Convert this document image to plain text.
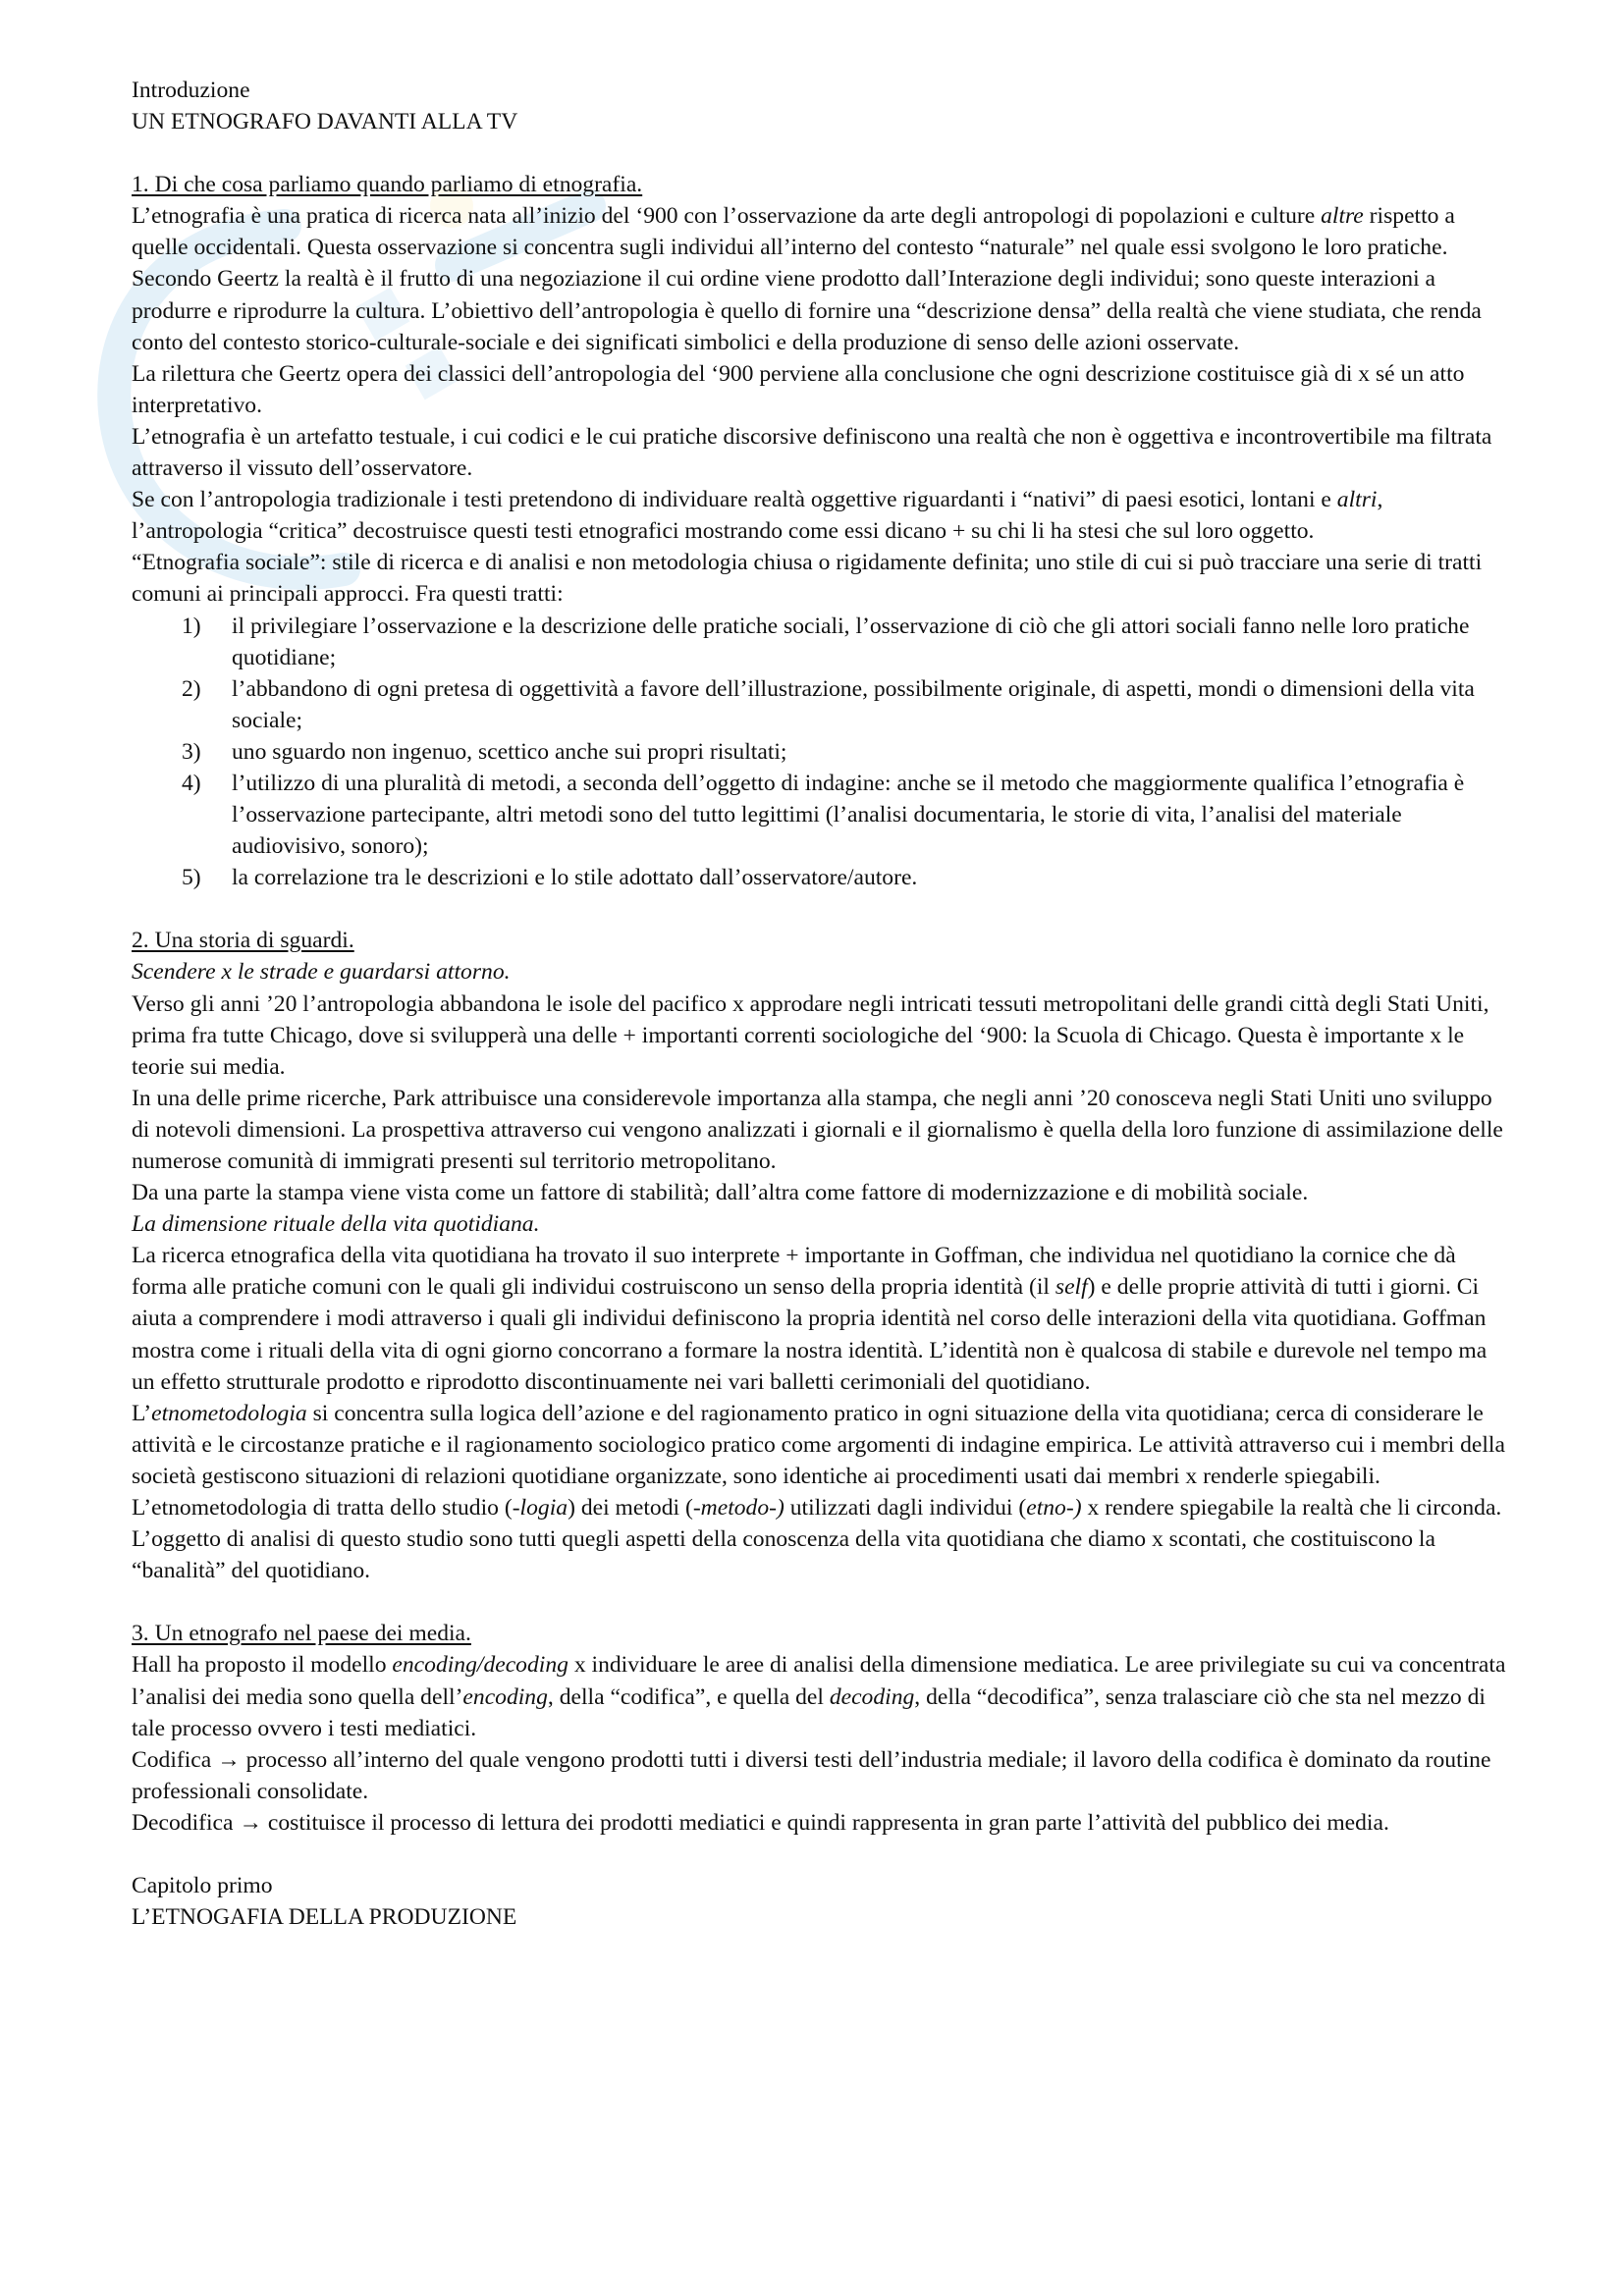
Introduzione

UN ETNOGRAFO DAVANTI ALLA TV

1. Di che cosa parliamo quando parliamo di etnografia.

L’etnografia è una pratica di ricerca nata all’inizio del ‘900 con l’osservazione da arte degli antropologi di popolazioni e culture altre rispetto a quelle occidentali. Questa osservazione si concentra sugli individui all’interno del contesto “naturale” nel quale essi svolgono le loro pratiche.

Secondo Geertz la realtà è il frutto di una negoziazione il cui ordine viene prodotto dall’Interazione degli individui; sono queste interazioni a produrre e riprodurre la cultura. L’obiettivo dell’antropologia è quello di fornire una “descrizione densa” della realtà che viene studiata, che renda conto del contesto storico-culturale-sociale e dei significati simbolici e della produzione di senso delle azioni osservate.

La rilettura che Geertz opera dei classici dell’antropologia del ‘900 perviene alla conclusione che ogni descrizione costituisce già di x sé un atto interpretativo.

L’etnografia è un artefatto testuale, i cui codici e le cui pratiche discorsive definiscono una realtà che non è oggettiva e incontrovertibile ma filtrata attraverso il vissuto dell’osservatore.

Se con l’antropologia tradizionale i testi pretendono di individuare realtà oggettive riguardanti i “nativi” di paesi esotici, lontani e altri, l’antropologia “critica” decostruisce questi testi etnografici mostrando come essi dicano + su chi li ha stesi che sul loro oggetto.

“Etnografia sociale”: stile di ricerca e di analisi e non metodologia chiusa o rigidamente definita; uno stile di cui si può tracciare una serie di tratti comuni ai principali approcci. Fra questi tratti:

1) il privilegiare l’osservazione e la descrizione delle pratiche sociali, l’osservazione di ciò che gli attori sociali fanno nelle loro pratiche quotidiane;
2) l’abbandono di ogni pretesa di oggettività a favore dell’illustrazione, possibilmente originale, di aspetti, mondi o dimensioni della vita sociale;
3) uno sguardo non ingenuo, scettico anche sui propri risultati;
4) l’utilizzo di una pluralità di metodi, a seconda dell’oggetto di indagine: anche se il metodo che maggiormente qualifica l’etnografia è l’osservazione partecipante, altri metodi sono del tutto legittimi (l’analisi documentaria, le storie di vita, l’analisi del materiale audiovisivo, sonoro);
5) la correlazione tra le descrizioni e lo stile adottato dall’osservatore/autore.

2. Una storia di sguardi.

Scendere x le strade e guardarsi attorno.

Verso gli anni ’20 l’antropologia abbandona le isole del pacifico x approdare negli intricati tessuti metropolitani delle grandi città degli Stati Uniti, prima fra tutte Chicago, dove si svilupperà una delle + importanti correnti sociologiche del ‘900: la Scuola di Chicago. Questa è importante x le teorie sui media.

In una delle prime ricerche, Park attribuisce una considerevole importanza alla stampa, che negli anni ’20 conosceva negli Stati Uniti uno sviluppo di notevoli dimensioni. La prospettiva attraverso cui vengono analizzati i giornali e il giornalismo è quella della loro funzione di assimilazione delle numerose comunità di immigrati presenti sul territorio metropolitano.

Da una parte la stampa viene vista come un fattore di stabilità; dall’altra come fattore di modernizzazione e di mobilità sociale.

La dimensione rituale della vita quotidiana.

La ricerca etnografica della vita quotidiana ha trovato il suo interprete + importante in Goffman, che individua nel quotidiano la cornice che dà forma alle pratiche comuni con le quali gli individui costruiscono un senso della propria identità (il self) e delle proprie attività di tutti i giorni. Ci aiuta a comprendere i modi attraverso i quali gli individui definiscono la propria identità nel corso delle interazioni della vita quotidiana. Goffman mostra come i rituali della vita di ogni giorno concorrano a formare la nostra identità. L’identità non è qualcosa di stabile e durevole nel tempo ma un effetto strutturale prodotto e riprodotto discontinuamente nei vari balletti cerimoniali del quotidiano.

L’etnometodologia si concentra sulla logica dell’azione e del ragionamento pratico in ogni situazione della vita quotidiana; cerca di considerare le attività e le circostanze pratiche e il ragionamento sociologico pratico come argomenti di indagine empirica. Le attività attraverso cui i membri della società gestiscono situazioni di relazioni quotidiane organizzate, sono identiche ai procedimenti usati dai membri x renderle spiegabili.

L’etnometodologia di tratta dello studio (-logia) dei metodi (-metodo-) utilizzati dagli individui (etno-) x rendere spiegabile la realtà che li circonda.

L’oggetto di analisi di questo studio sono tutti quegli aspetti della conoscenza della vita quotidiana che diamo x scontati, che costituiscono la “banalità” del quotidiano.

3. Un etnografo nel paese dei media.

Hall ha proposto il modello encoding/decoding x individuare le aree di analisi della dimensione mediatica. Le aree privilegiate su cui va concentrata l’analisi dei media sono quella dell’encoding, della “codifica”, e quella del decoding, della “decodifica”, senza tralasciare ciò che sta nel mezzo di tale processo ovvero i testi mediatici.

Codifica → processo all’interno del quale vengono prodotti tutti i diversi testi dell’industria mediale; il lavoro della codifica è dominato da routine professionali consolidate.

Decodifica → costituisce il processo di lettura dei prodotti mediatici e quindi rappresenta in gran parte l’attività del pubblico dei media.

Capitolo primo

L’ETNOGAFIA DELLA PRODUZIONE
